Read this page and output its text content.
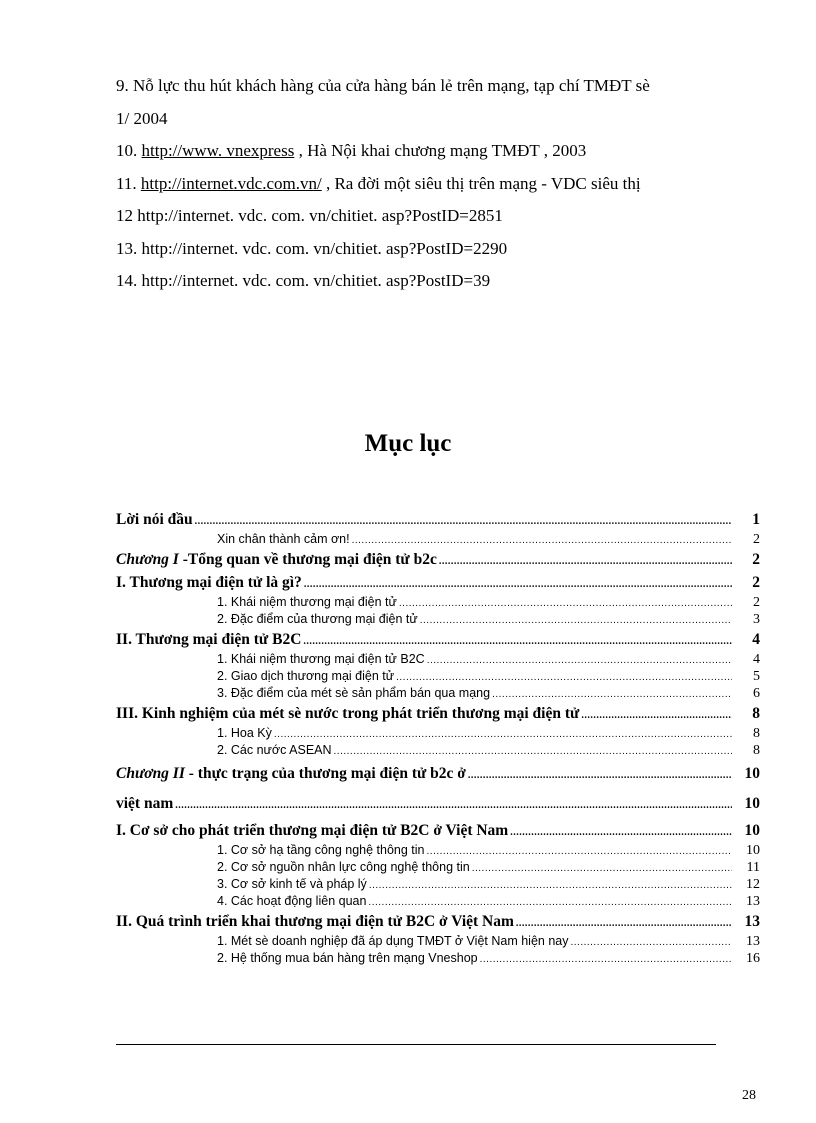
9. Nỗ lực thu hút khách hàng của cửa hàng bán lẻ trên mạng, tạp chí TMĐT sè
1/ 2004
10. http://www. vnexpress , Hà Nội khai chương mạng TMĐT , 2003
11. http://internet.vdc.com.vn/ , Ra đời một siêu thị trên mạng - VDC siêu thị
12 http://internet. vdc. com. vn/chitiet. asp?PostID=2851
13. http://internet. vdc. com. vn/chitiet. asp?PostID=2290
14. http://internet. vdc. com. vn/chitiet. asp?PostID=39
Mục lục
Lời nói đầu .....	1
Xin chân thành cảm ơn! .....	2
Chương I -Tổng quan về thương mại điện tử b2c .....	2
I. Thương mại điện tử là gì? .....	2
1. Khái niệm thương mại điện tử .....	2
2. Đặc điểm của thương mại điện tử .....	3
II. Thương mại điện tử B2C .....	4
1. Khái niệm thương mại điện tử B2C .....	4
2. Giao dịch thương mại điện tử .....	5
3. Đặc điểm của mét sè sản phẩm bán qua mạng .....	6
III. Kinh nghiệm của mét sè nước trong phát triển thương mại điện tử .....	8
1. Hoa Kỳ .....	8
2. Các nước ASEAN .....	8
Chương II - thực trạng của thương mại điện tử b2c ở .....	10
việt nam .....	10
I. Cơ sở cho phát triển thương mại điện tử B2C ở Việt Nam .....	10
1. Cơ sở hạ tầng công nghệ thông tin .....	10
2. Cơ sở nguồn nhân lực công nghệ thông tin .....	11
3. Cơ sở kinh tế và pháp lý .....	12
4. Các hoạt động liên quan .....	13
II. Quá trình triển khai thương mại điện tử B2C ở Việt Nam .....	13
1. Mét sè doanh nghiệp đã áp dụng TMĐT ở Việt Nam hiện nay .....	13
2. Hệ thống mua bán hàng trên mạng Vneshop .....	16
28
